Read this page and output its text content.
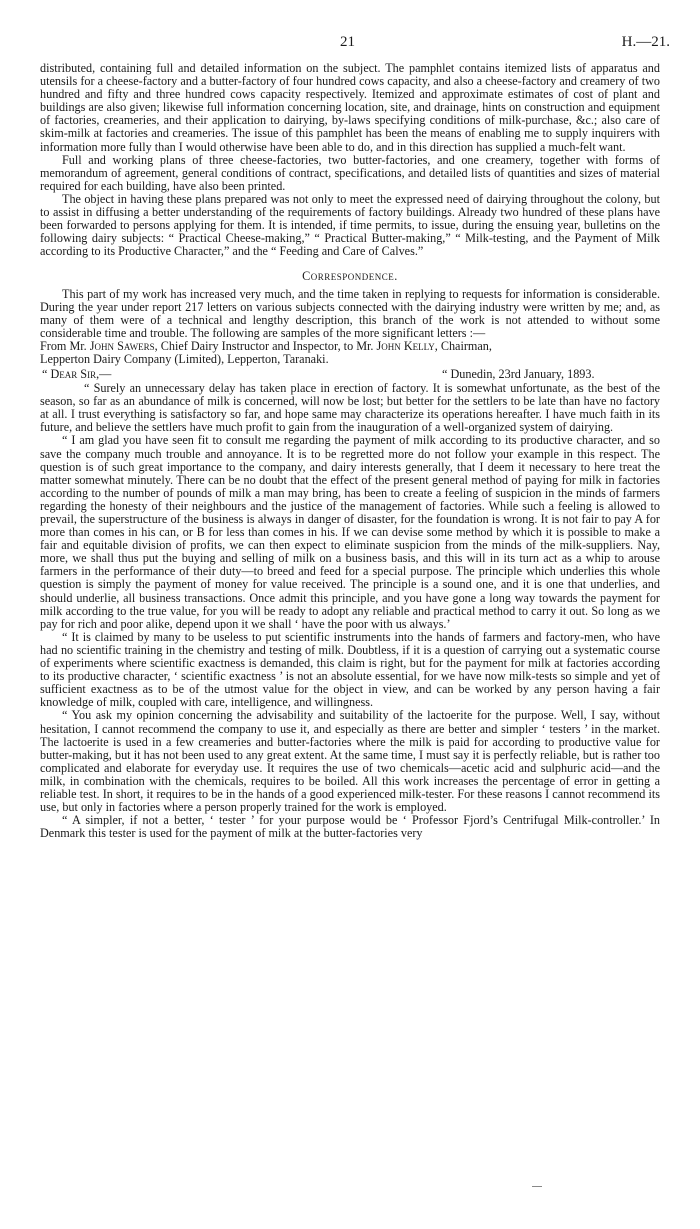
21	H.—21.

distributed, containing full and detailed information on the subject. The pamphlet contains itemized lists of apparatus and utensils for a cheese-factory and a butter-factory of four hundred cows capacity, and also a cheese-factory and creamery of two hundred and fifty and three hundred cows capacity respectively. Itemized and approximate estimates of cost of plant and buildings are also given; likewise full information concerning location, site, and drainage, hints on construction and equipment of factories, creameries, and their application to dairying, by-laws specifying conditions of milk-purchase, &c.; also care of skim-milk at factories and creameries. The issue of this pamphlet has been the means of enabling me to supply inquirers with information more fully than I would otherwise have been able to do, and in this direction has supplied a much-felt want.

Full and working plans of three cheese-factories, two butter-factories, and one creamery, together with forms of memorandum of agreement, general conditions of contract, specifications, and detailed lists of quantities and sizes of material required for each building, have also been printed.

The object in having these plans prepared was not only to meet the expressed need of dairying throughout the colony, but to assist in diffusing a better understanding of the requirements of factory buildings. Already two hundred of these plans have been forwarded to persons applying for them. It is intended, if time permits, to issue, during the ensuing year, bulletins on the following dairy subjects: “ Practical Cheese-making,” “ Practical Butter-making,” “ Milk-testing, and the Payment of Milk according to its Productive Character,” and the “ Feeding and Care of Calves.”

Correspondence.

This part of my work has increased very much, and the time taken in replying to requests for information is considerable. During the year under report 217 letters on various subjects connected with the dairying industry were written by me; and, as many of them were of a technical and lengthy description, this branch of the work is not attended to without some considerable time and trouble. The following are samples of the more significant letters :—

From Mr. John Sawers, Chief Dairy Instructor and Inspector, to Mr. John Kelly, Chairman,

Lepperton Dairy Company (Limited), Lepperton, Taranaki.

“ Dear Sir,—	“ Dunedin, 23rd January, 1893.

“ Surely an unnecessary delay has taken place in erection of factory. It is somewhat unfortunate, as the best of the season, so far as an abundance of milk is concerned, will now be lost; but better for the settlers to be late than have no factory at all. I trust everything is satisfactory so far, and hope same may characterize its operations hereafter. I have much faith in its future, and believe the settlers have much profit to gain from the inauguration of a well-organized system of dairying.

“ I am glad you have seen fit to consult me regarding the payment of milk according to its productive character, and so save the company much trouble and annoyance. It is to be regretted more do not follow your example in this respect. The question is of such great importance to the company, and dairy interests generally, that I deem it necessary to here treat the matter somewhat minutely. There can be no doubt that the effect of the present general method of paying for milk in factories according to the number of pounds of milk a man may bring, has been to create a feeling of suspicion in the minds of farmers regarding the honesty of their neighbours and the justice of the management of factories. While such a feeling is allowed to prevail, the superstructure of the business is always in danger of disaster, for the foundation is wrong. It is not fair to pay A for more than comes in his can, or B for less than comes in his. If we can devise some method by which it is possible to make a fair and equitable division of profits, we can then expect to eliminate suspicion from the minds of the milk-suppliers. Nay, more, we shall thus put the buying and selling of milk on a business basis, and this will in its turn act as a whip to arouse farmers in the performance of their duty—to breed and feed for a special purpose. The principle which underlies this whole question is simply the payment of money for value received. The principle is a sound one, and it is one that underlies, and should underlie, all business transactions. Once admit this principle, and you have gone a long way towards the payment for milk according to the true value, for you will be ready to adopt any reliable and practical method to carry it out. So long as we pay for rich and poor alike, depend upon it we shall ‘ have the poor with us always.’

“ It is claimed by many to be useless to put scientific instruments into the hands of farmers and factory-men, who have had no scientific training in the chemistry and testing of milk. Doubtless, if it is a question of carrying out a systematic course of experiments where scientific exactness is demanded, this claim is right, but for the payment for milk at factories according to its productive character, ‘ scientific exactness ’ is not an absolute essential, for we have now milk-tests so simple and yet of sufficient exactness as to be of the utmost value for the object in view, and can be worked by any person having a fair knowledge of milk, coupled with care, intelligence, and willingness.

“ You ask my opinion concerning the advisability and suitability of the lactoerite for the purpose. Well, I say, without hesitation, I cannot recommend the company to use it, and especially as there are better and simpler ‘ testers ’ in the market. The lactoerite is used in a few creameries and butter-factories where the milk is paid for according to productive value for butter-making, but it has not been used to any great extent. At the same time, I must say it is perfectly reliable, but is rather too complicated and elaborate for everyday use. It requires the use of two chemicals—acetic acid and sulphuric acid—and the milk, in combination with the chemicals, requires to be boiled. All this work increases the percentage of error in getting a reliable test. In short, it requires to be in the hands of a good experienced milk-tester. For these reasons I cannot recommend its use, but only in factories where a person properly trained for the work is employed.

“ A simpler, if not a better, ‘ tester ’ for your purpose would be ‘ Professor Fjord’s Centrifugal Milk-controller.’ In Denmark this tester is used for the payment of milk at the butter-factories very
